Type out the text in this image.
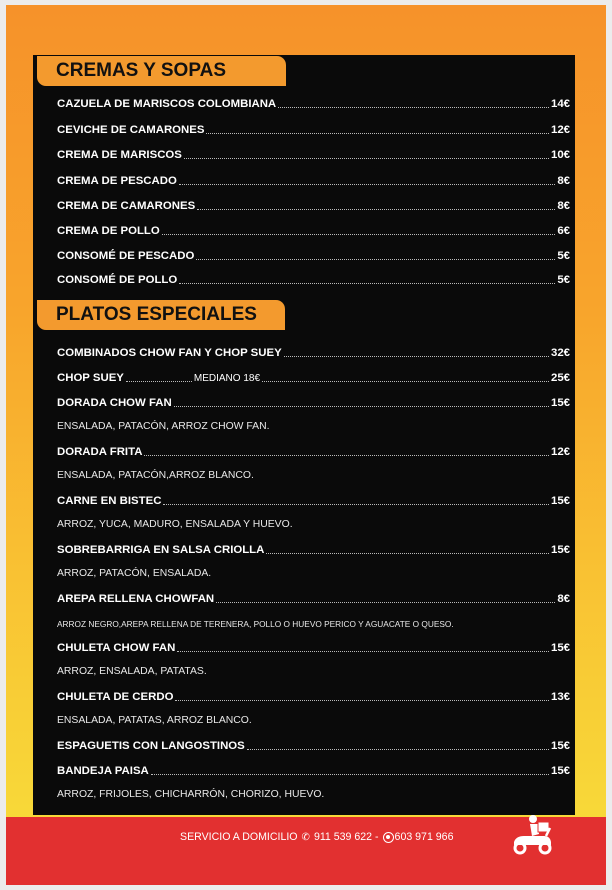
CREMAS Y SOPAS
PLATOS ESPECIALES
CAZUELA DE MARISCOS COLOMBIANA	14€
CEVICHE DE CAMARONES	12€
CREMA DE MARISCOS	10€
CREMA DE PESCADO	8€
CREMA DE CAMARONES	8€
CREMA DE POLLO	6€
CONSOMÉ DE PESCADO	5€
CONSOMÉ DE POLLO	5€
COMBINADOS CHOW FAN Y CHOP SUEY	32€
CHOP SUEY	MEDIANO 18€	25€
DORADA CHOW FAN	15€
ENSALADA, PATACÓN, ARROZ CHOW FAN.
DORADA FRITA	12€
ENSALADA, PATACÓN,ARROZ BLANCO.
CARNE EN BISTEC	15€
ARROZ, YUCA, MADURO, ENSALADA Y HUEVO.
SOBREBARRIGA EN SALSA CRIOLLA	15€
ARROZ, PATACÓN, ENSALADA.
AREPA RELLENA CHOWFAN	8€
ARROZ NEGRO,AREPA RELLENA DE TERENERA, POLLO O HUEVO PERICO Y AGUACATE O QUESO.
CHULETA CHOW FAN	15€
ARROZ, ENSALADA, PATATAS.
CHULETA DE CERDO	13€
ENSALADA, PATATAS, ARROZ BLANCO.
ESPAGUETIS CON LANGOSTINOS	15€
BANDEJA PAISA	15€
ARROZ, FRIJOLES, CHICHARRÓN, CHORIZO, HUEVO.
SERVICIO A DOMICILIO ✆ 911 539 622 - 603 971 966
